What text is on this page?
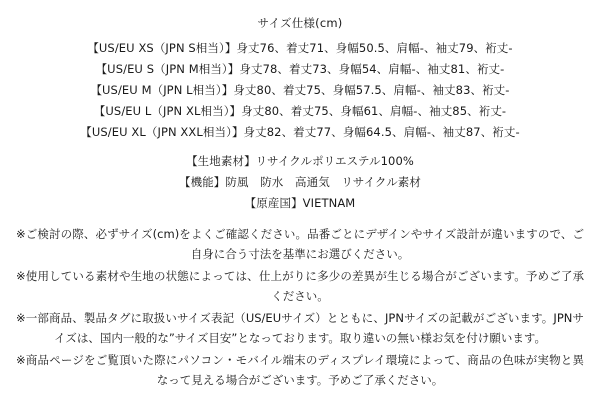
サイズ仕様(cm)
【US/EU XS（JPN S相当）】身丈76、着丈71、身幅50.5、肩幅-、袖丈79、裄丈-
【US/EU S（JPN M相当）】身丈78、着丈73、身幅54、肩幅-、袖丈81、裄丈-
【US/EU M（JPN L相当）】身丈80、着丈75、身幅57.5、肩幅-、袖丈83、裄丈-
【US/EU L（JPN XL相当）】身丈80、着丈75、身幅61、肩幅-、袖丈85、裄丈-
【US/EU XL（JPN XXL相当）】身丈82、着丈77、身幅64.5、肩幅-、袖丈87、裄丈-
【生地素材】リサイクルポリエステル100%
【機能】防風　防水　高通気　リサイクル素材
【原産国】VIETNAM
※ご検討の際、必ずサイズ(cm)をよくご確認ください。品番ごとにデザインやサイズ設計が違いますので、ご自身に合う寸法を基準にお選びください。
※使用している素材や生地の状態によっては、仕上がりに多少の差異が生じる場合がございます。予めご了承ください。
※一部商品、製品タグに取扱いサイズ表記（US/EUサイズ）とともに、JPNサイズの記載がございます。JPNサイズは、国内一般的な”サイズ目安”となっております。取り違いの無い様お気を付け願います。
※商品ページをご覧頂いた際にパソコン・モバイル端末のディスプレイ環境によって、商品の色味が実物と異なって見える場合がございます。予めご了承ください。
